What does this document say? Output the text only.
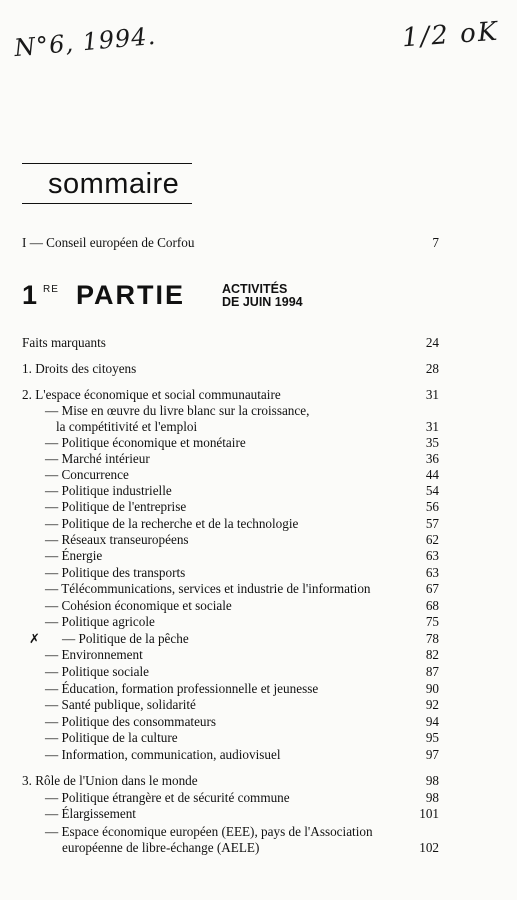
N°6, 1994.	1/2 oK
sommaire
I — Conseil européen de Corfou	7
1 RE PARTIE	ACTIVITÉS
DE JUIN 1994
✗
Faits marquants	24
1. Droits des citoyens	28
2. L'espace économique et social communautaire	31
— Mise en œuvre du livre blanc sur la croissance,
la compétitivité et l'emploi	31
— Politique économique et monétaire	35
— Marché intérieur	36
— Concurrence	44
— Politique industrielle	54
— Politique de l'entreprise	56
— Politique de la recherche et de la technologie	57
— Réseaux transeuropéens	62
— Énergie	63
— Politique des transports	63
— Télécommunications, services et industrie de l'information	67
— Cohésion économique et sociale	68
— Politique agricole	75
— Politique de la pêche	78
— Environnement	82
— Politique sociale	87
— Éducation, formation professionnelle et jeunesse	90
— Santé publique, solidarité	92
— Politique des consommateurs	94
— Politique de la culture	95
— Information, communication, audiovisuel	97
3. Rôle de l'Union dans le monde	98
— Politique étrangère et de sécurité commune	98
— Élargissement	101
— Espace économique européen (EEE), pays de l'Association
européenne de libre-échange (AELE)	102
